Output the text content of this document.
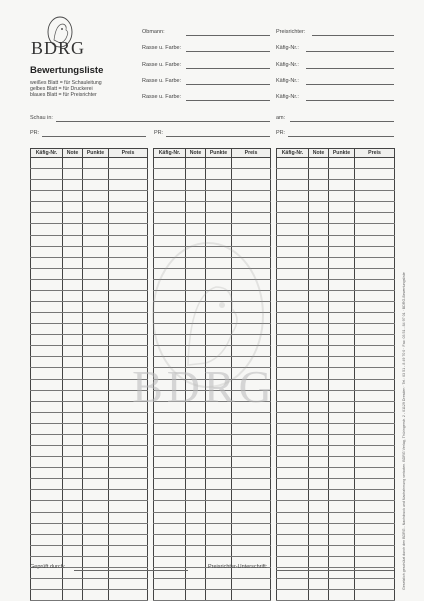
BDRG
Bewertungsliste
weißes Blatt = für Schauleitung
gelbes Blatt = für Druckerei
blaues Blatt = für Preisrichter
Obmann:
Rasse u. Farbe:
Rasse u. Farbe:
Rasse u. Farbe:
Rasse u. Farbe:
Preisrichter:
Käfig-Nr.:
Käfig-Nr.:
Käfig-Nr.:
Käfig-Nr.:
Schau in:	am:
PR:	PR:	PR:
Käfig-Nr.	Note	Punkte	Preis

				Käfig-Nr.	Note	Punkte	Preis

				Käfig-Nr.	Note	Punkte	Preis

BDRG
Geprüft durch:	Preisrichter-Unterschrift:	Gesetzlich geschützt durch den BDRG - Nachdruck und Nachahmung verboten. BDRG Verlag, Thüringerstr. 2 - 01129 Dresden · Tel.: 03 51 - 8 49 70 0 · Fax: 03 51 - 84 97 01 · BDRG-Bewertungsliste
